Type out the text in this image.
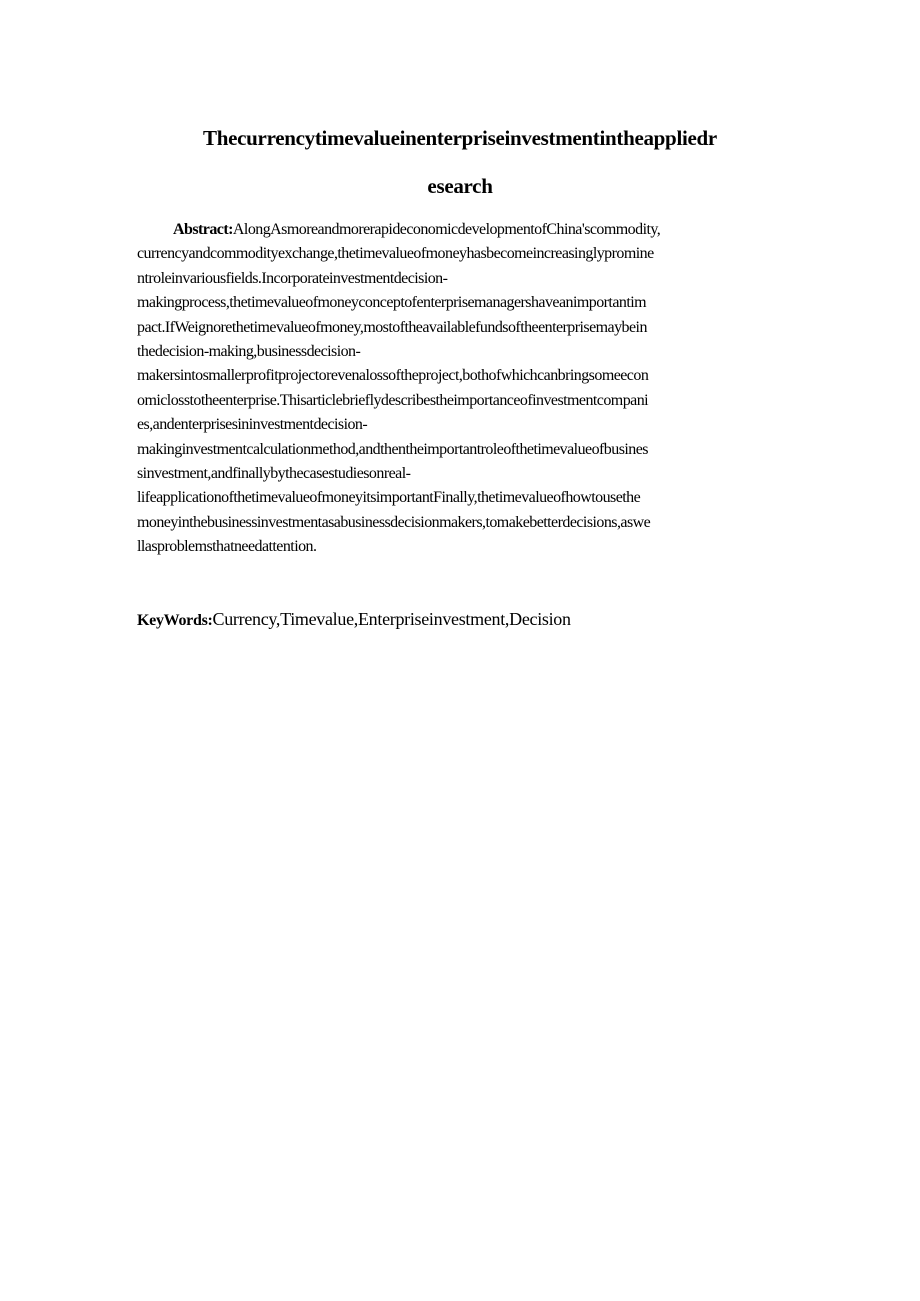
Thecurrencytimevalueinenterpriseinvestmentintheappliedr
esearch
Abstract:AlongAsmoreandmorerapideconomicdevelopmentofChina'scommodity,
currencyandcommodityexchange,thetimevalueofmoneyhasbecomeincreasinglyprominе
ntroleinvariousfields.Incorporateinvestmentdecision-
makingprocess,thetimevalueofmoneyconceptofenterprisemanagershaveanimportantim
pact.IfWeignorethetimevalueofmoney,mostoftheavailablefundsoftheenterprisemaybein
thedecision-making,businessdecision-
makersintosmallerprofitprojectorevenalossoftheproject,bothofwhichcanbringsomeecon
omiclosstotheenterprise.Thisarticlebrieflydescribestheimportanceofinvestmentcompani
es,andenterprisesininvestmentdecision-
makinginvestmentcalculationmethod,andthentheimportantroleofthetimevalueofbusines
sinvestment,andfinallybythecasestudiesonreal-
lifeapplicationofthetimevalueofmoneyitsimportantFinally,thetimevalueofhowtousethe
moneyinthebusinessinvestmentasabusinessdecisionmakers,tomakebetterdecisions,aswe
llasproblemsthatneedattention.
KeyWords:Currency,Timevalue,Enterpriseinvestment,Decision
